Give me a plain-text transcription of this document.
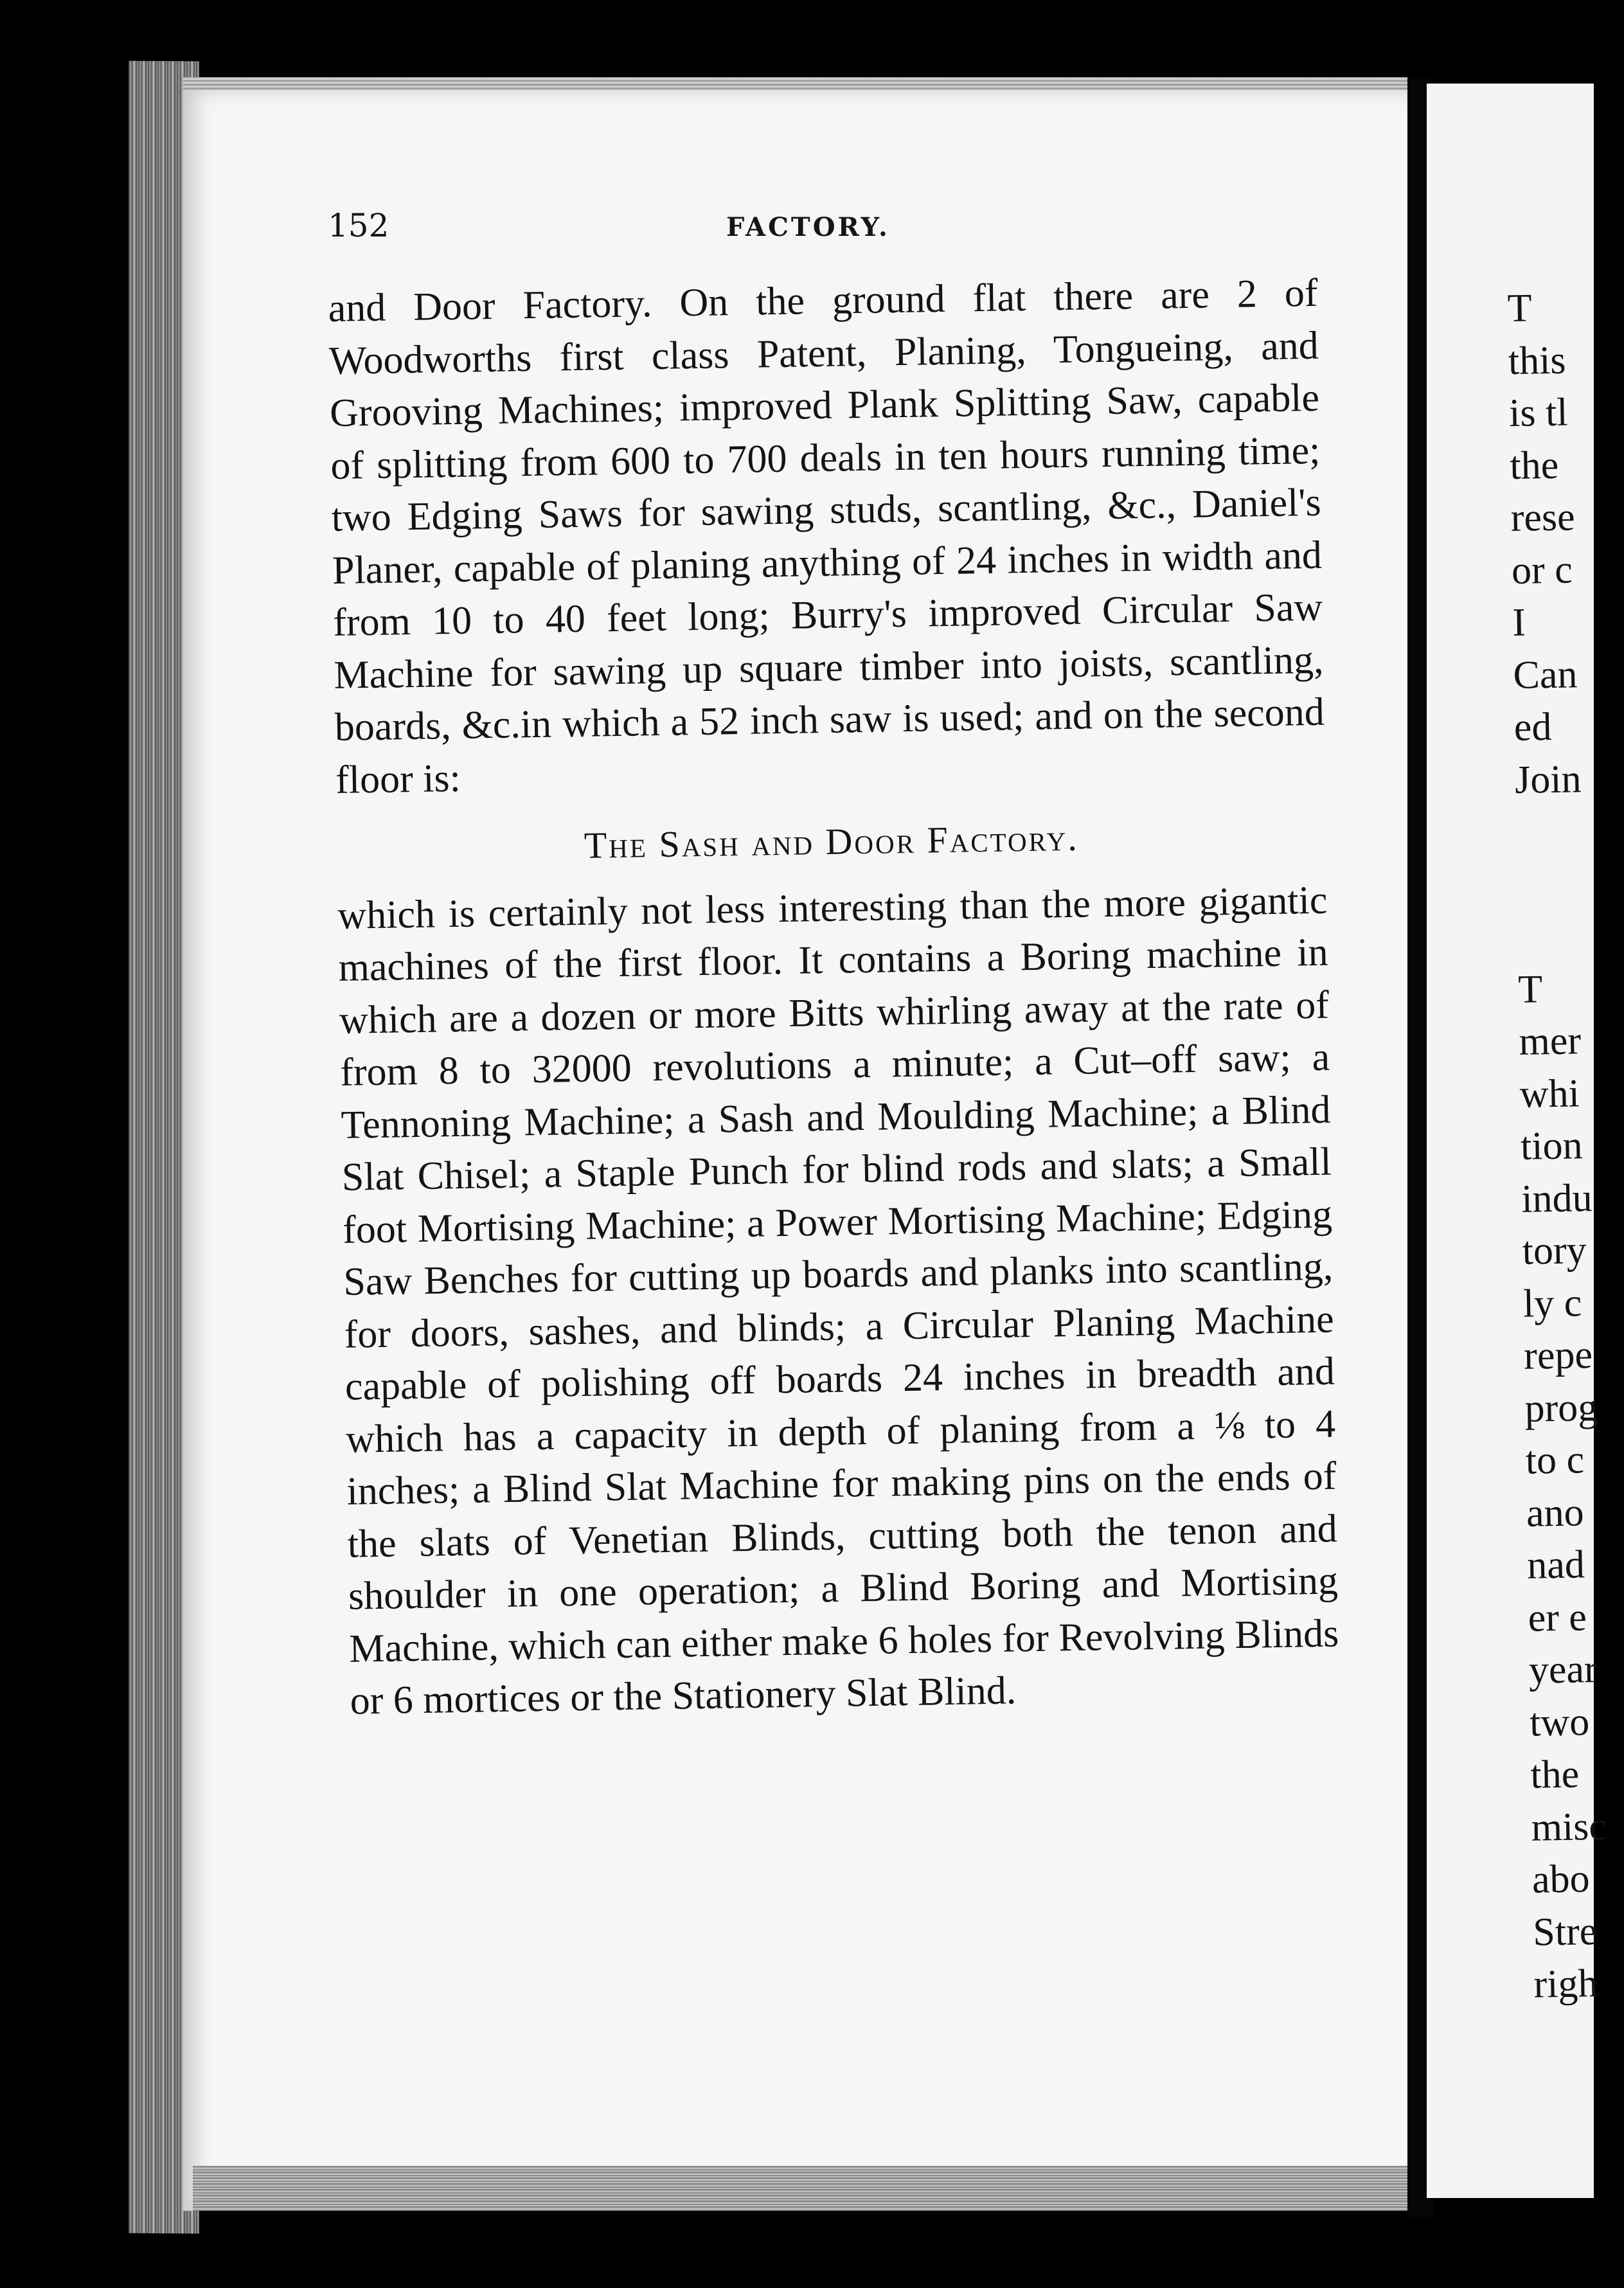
152	FACTORY.

and Door Factory. On the ground flat there are 2 of Woodworths first class Patent, Planing, Tongueing, and Grooving Machines; improved Plank Splitting Saw, capable of splitting from 600 to 700 deals in ten hours running time; two Edging Saws for sawing studs, scantling, &c., Daniel's Planer, capable of planing anything of 24 inches in width and from 10 to 40 feet long; Burry's improved Circular Saw Machine for sawing up square timber into joists, scantling, boards, &c.in which a 52 inch saw is used; and on the second floor is:

The Sash and Door Factory.

which is certainly not less interesting than the more gigantic machines of the first floor. It contains a Boring machine in which are a dozen or more Bitts whirling away at the rate of from 8 to 32000 revolutions a minute; a Cut–off saw; a Tennoning Machine; a Sash and Moulding Machine; a Blind Slat Chisel; a Staple Punch for blind rods and slats; a Small foot Mortising Machine; a Power Mortising Machine; Edging Saw Benches for cutting up boards and planks into scantling, for doors, sashes, and blinds; a Circular Planing Machine capable of polishing off boards 24 inches in breadth and which has a capacity in depth of planing from a ⅛ to 4 inches; a Blind Slat Machine for making pins on the ends of the slats of Venetian Blinds, cutting both the tenon and shoulder in one operation; a Blind Boring and Mortising Machine, which can either make 6 holes for Revolving Blinds or 6 mortices or the Stationery Slat Blind.

T
this
is tl
the
rese
or c
I
Can
ed
Join
T
mer
whi
tion
indu
tory
ly c
repe
prog
to c
ano
nad
er e
year
two
the
misc
abo
Stre
righ
